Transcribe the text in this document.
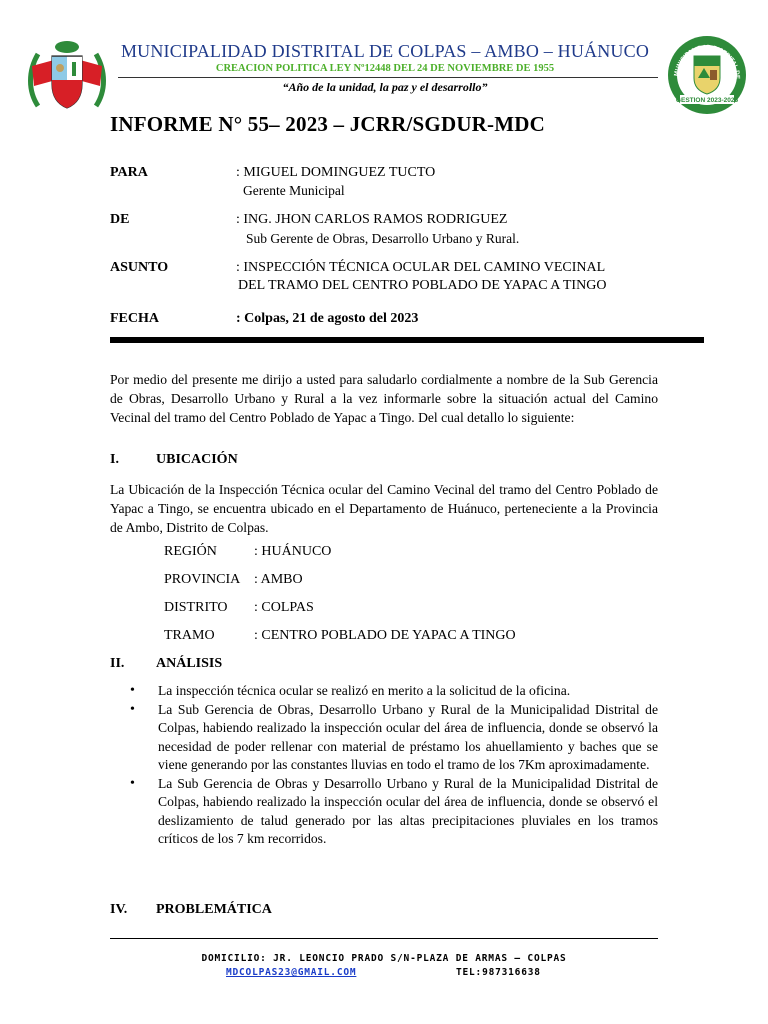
MUNICIPALIDAD DISTRITAL DE COLPAS – AMBO – HUÁNUCO
CREACION POLITICA LEY Nº12448 DEL 24 DE NOVIEMBRE DE 1955
“Año de la unidad, la paz y el desarrollo”
MUNICIPALIDAD DISTRITAL DE
GESTION 2023-2026
INFORME N° 55– 2023 – JCRR/SGDUR-MDC
PARA	: MIGUEL DOMINGUEZ TUCTO
Gerente Municipal
DE	: ING. JHON CARLOS RAMOS RODRIGUEZ
Sub Gerente de Obras, Desarrollo Urbano y Rural.
ASUNTO	: INSPECCIÓN TÉCNICA OCULAR DEL CAMINO VECINAL
DEL TRAMO DEL CENTRO POBLADO DE YAPAC A TINGO
FECHA	: Colpas, 21 de agosto del 2023
Por medio del presente me dirijo a usted para saludarlo cordialmente a nombre de la Sub Gerencia de Obras, Desarrollo Urbano y Rural a la vez informarle sobre la situación actual del Camino Vecinal del tramo del Centro Poblado de Yapac a Tingo. Del cual detallo lo siguiente:
I.	UBICACIÓN
La Ubicación de la Inspección Técnica ocular del Camino Vecinal del tramo del Centro Poblado de Yapac a Tingo, se encuentra ubicado en el Departamento de Huánuco, perteneciente a la Provincia de Ambo, Distrito de Colpas.
REGIÓN	: HUÁNUCO
PROVINCIA : AMBO
DISTRITO : COLPAS
TRAMO	: CENTRO POBLADO DE YAPAC A TINGO
II. ANÁLISIS

• La inspección técnica ocular se realizó en merito a la solicitud de la oficina.

• La Sub Gerencia de Obras, Desarrollo Urbano y Rural de la Municipalidad Distrital de Colpas, habiendo realizado la inspección ocular del área de influencia, donde se observó la necesidad de poder rellenar con material de préstamo los ahuellamiento y baches que se viene generando por las constantes lluvias en todo el tramo de los 7Km aproximadamente.

• La Sub Gerencia de Obras y Desarrollo Urbano y Rural de la Municipalidad Distrital de Colpas, habiendo realizado la inspección ocular del área de influencia, donde se observó el deslizamiento de talud generado por las altas precipitaciones pluviales en los tramos críticos de los 7 km recorridos.

IV. PROBLEMÁTICA
DOMICILIO: JR. LEONCIO PRADO S/N-PLAZA DE ARMAS – COLPAS
MDCOLPAS23@GMAIL.COM	TEL:987316638
